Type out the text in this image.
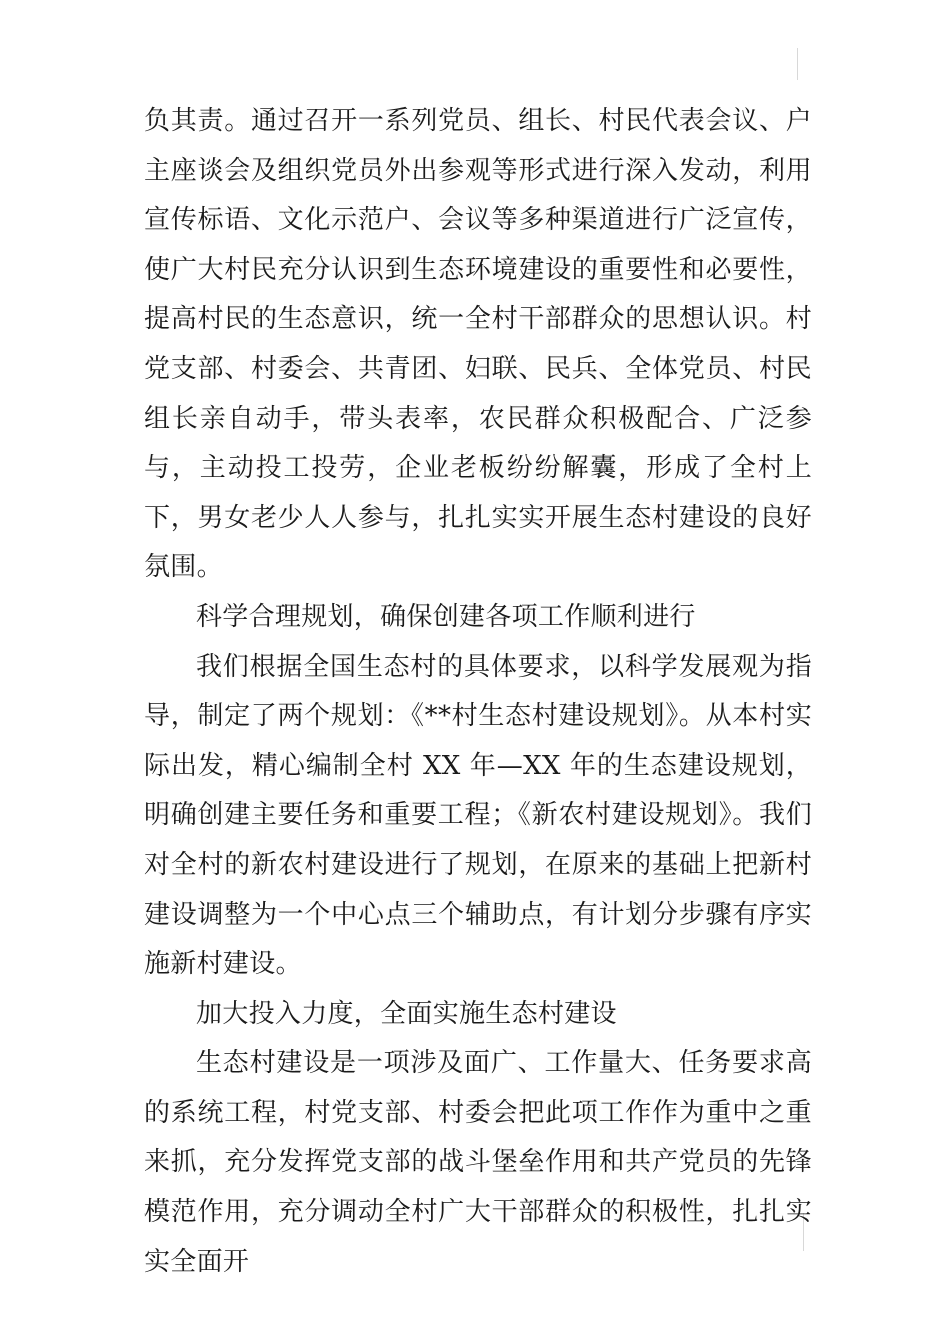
负其责。通过召开一系列党员、组长、村民代表会议、户主座谈会及组织党员外出参观等形式进行深入发动，利用宣传标语、文化示范户、会议等多种渠道进行广泛宣传，使广大村民充分认识到生态环境建设的重要性和必要性，提高村民的生态意识，统一全村干部群众的思想认识。村党支部、村委会、共青团、妇联、民兵、全体党员、村民组长亲自动手，带头表率，农民群众积极配合、广泛参与，主动投工投劳，企业老板纷纷解囊，形成了全村上下，男女老少人人参与，扎扎实实开展生态村建设的良好氛围。

科学合理规划，确保创建各项工作顺利进行

我们根据全国生态村的具体要求，以科学发展观为指导，制定了两个规划：《**村生态村建设规划》。从本村实际出发，精心编制全村 XX 年—XX 年的生态建设规划，明确创建主要任务和重要工程；《新农村建设规划》。我们对全村的新农村建设进行了规划，在原来的基础上把新村建设调整为一个中心点三个辅助点，有计划分步骤有序实施新村建设。

加大投入力度，全面实施生态村建设

生态村建设是一项涉及面广、工作量大、任务要求高的系统工程，村党支部、村委会把此项工作作为重中之重来抓，充分发挥党支部的战斗堡垒作用和共产党员的先锋模范作用，充分调动全村广大干部群众的积极性，扎扎实实全面开
